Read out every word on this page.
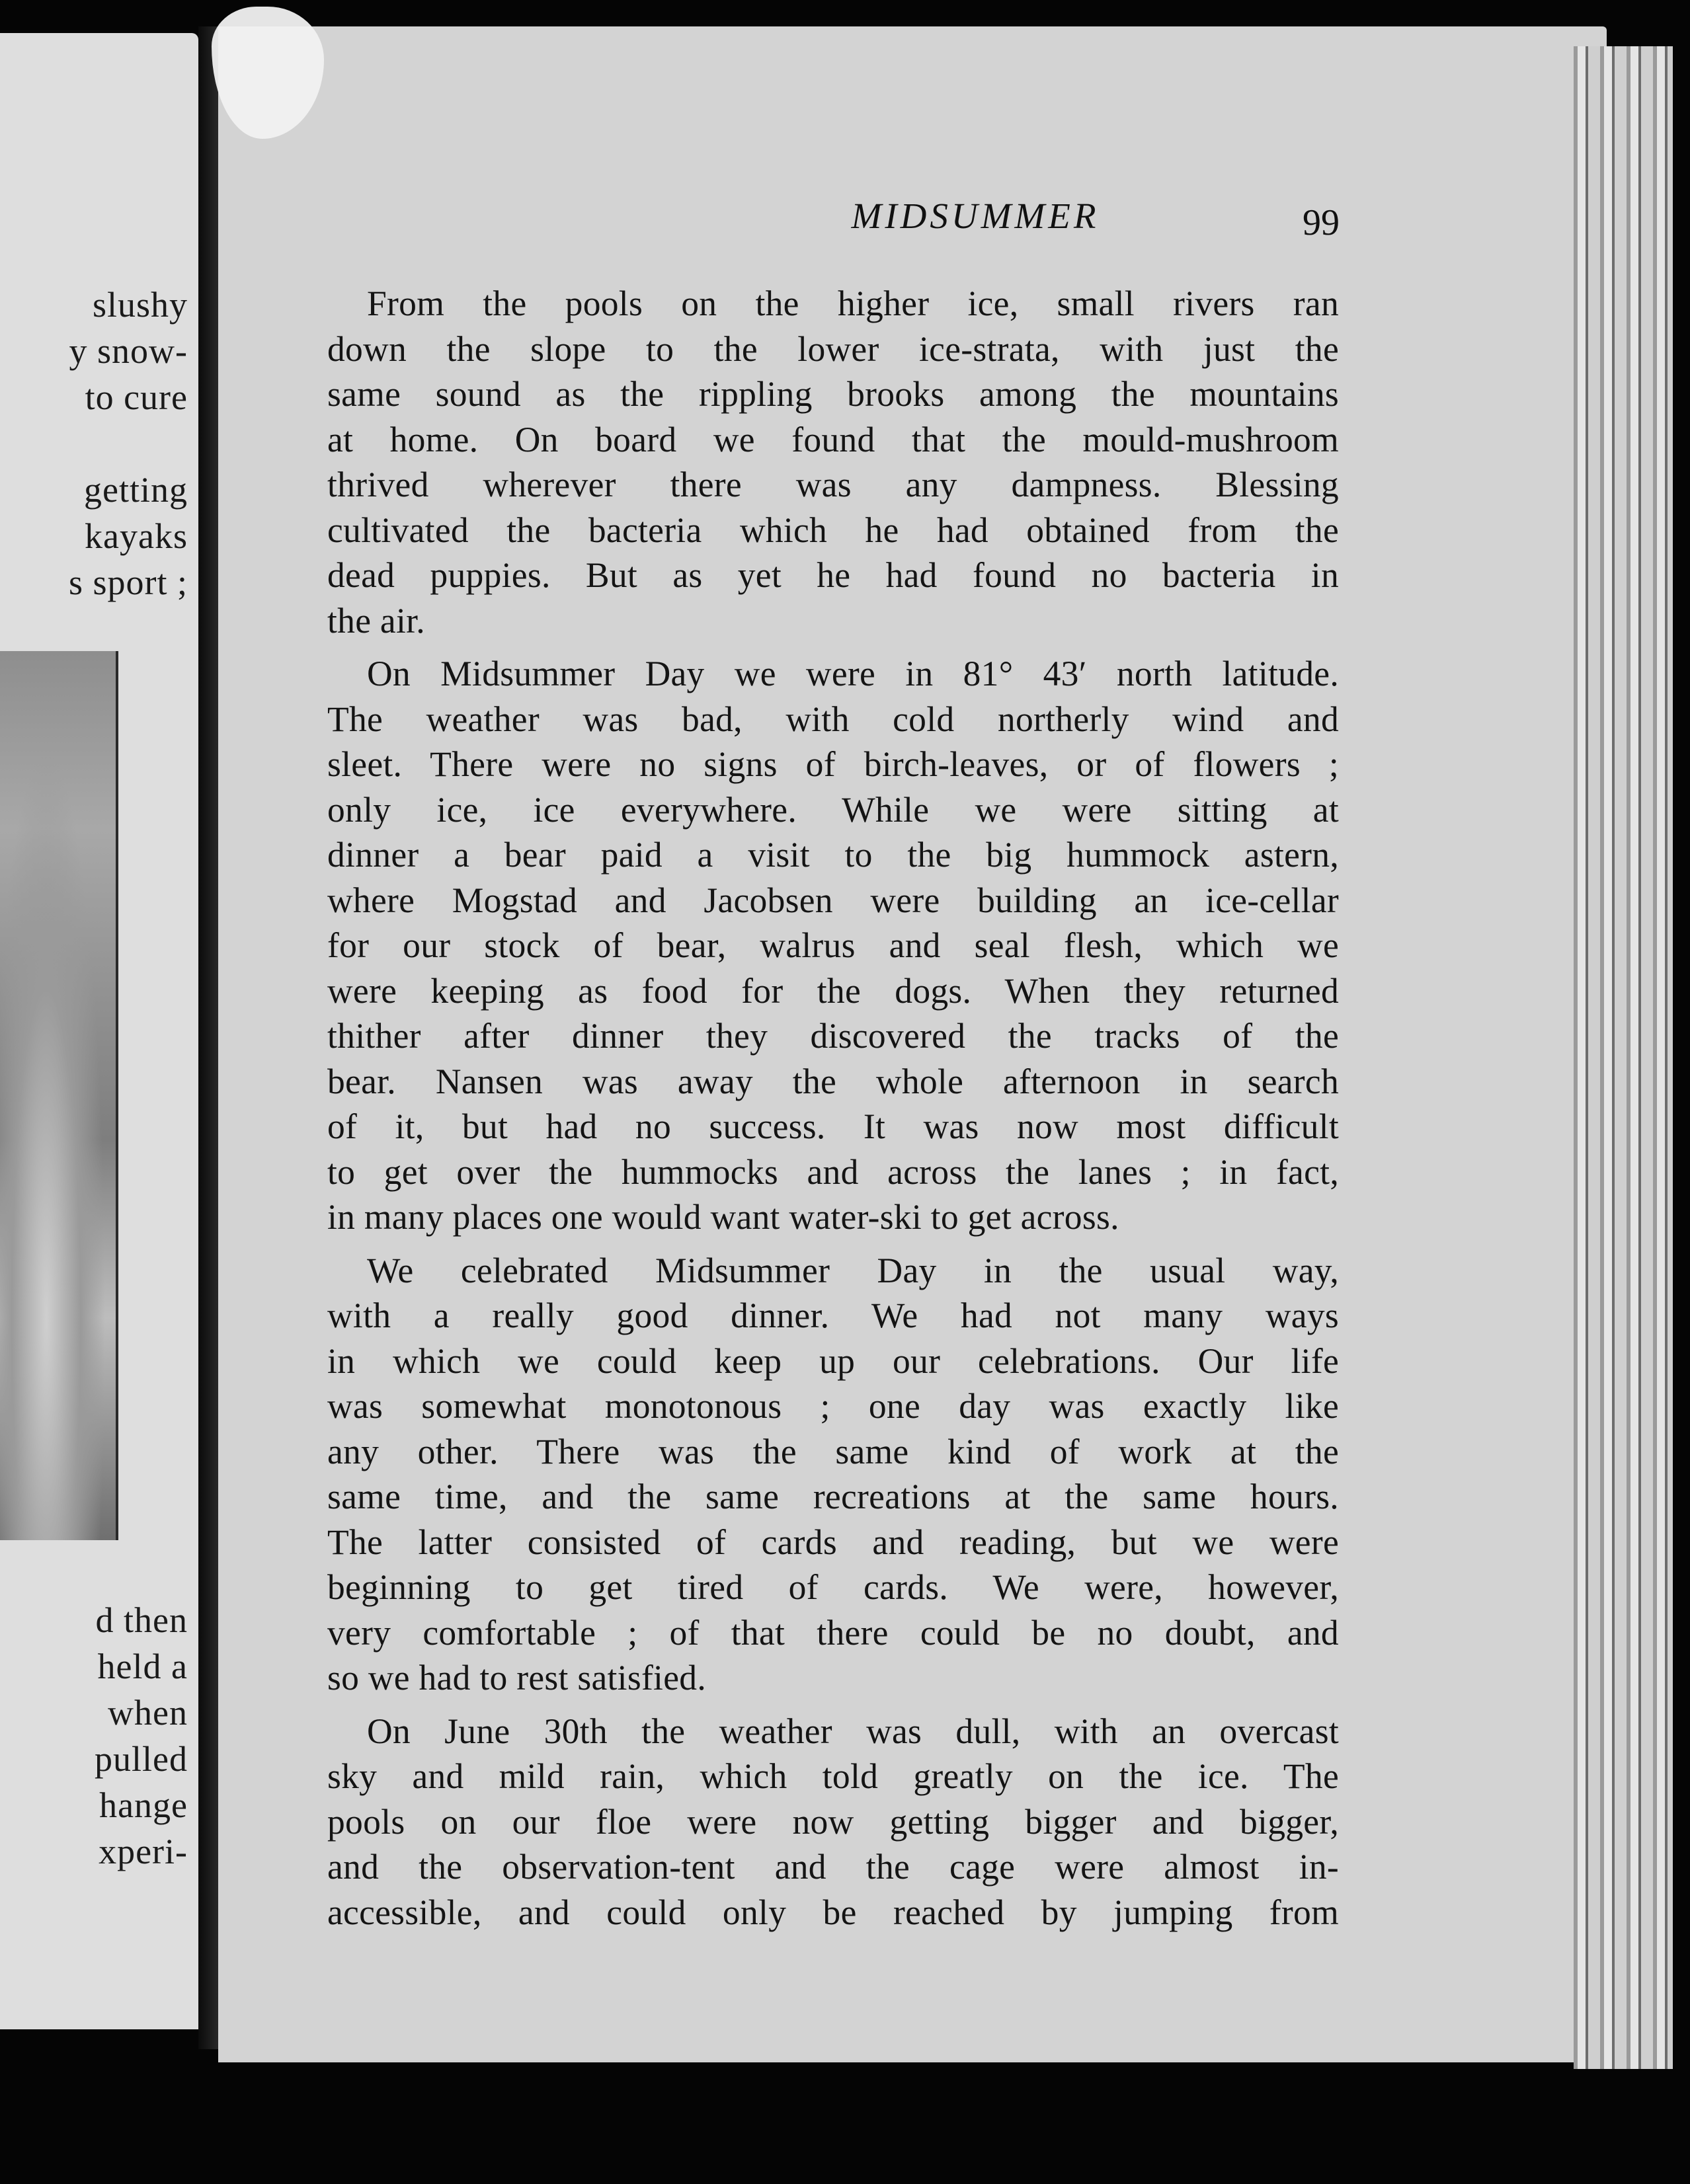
slushy
y snow-
to cure
getting
kayaks
s sport ;
d then
held a
when
pulled
hange
xperi-
MIDSUMMER	99
From the pools on the higher ice, small rivers ran
down the slope to the lower ice-strata, with just the
same sound as the rippling brooks among the mountains
at home. On board we found that the mould-mushroom
thrived wherever there was any dampness. Blessing
cultivated the bacteria which he had obtained from the
dead puppies. But as yet he had found no bacteria in
the air.
On Midsummer Day we were in 81° 43′ north latitude.
The weather was bad, with cold northerly wind and
sleet. There were no signs of birch-leaves, or of flowers ;
only ice, ice everywhere. While we were sitting at
dinner a bear paid a visit to the big hummock astern,
where Mogstad and Jacobsen were building an ice-cellar
for our stock of bear, walrus and seal flesh, which we
were keeping as food for the dogs. When they returned
thither after dinner they discovered the tracks of the
bear. Nansen was away the whole afternoon in search
of it, but had no success. It was now most difficult
to get over the hummocks and across the lanes ; in fact,
in many places one would want water-ski to get across.
We celebrated Midsummer Day in the usual way,
with a really good dinner. We had not many ways
in which we could keep up our celebrations. Our life
was somewhat monotonous ; one day was exactly like
any other. There was the same kind of work at the
same time, and the same recreations at the same hours.
The latter consisted of cards and reading, but we were
beginning to get tired of cards. We were, however,
very comfortable ; of that there could be no doubt, and
so we had to rest satisfied.
On June 30th the weather was dull, with an overcast
sky and mild rain, which told greatly on the ice. The
pools on our floe were now getting bigger and bigger,
and the observation-tent and the cage were almost in-
accessible, and could only be reached by jumping from
